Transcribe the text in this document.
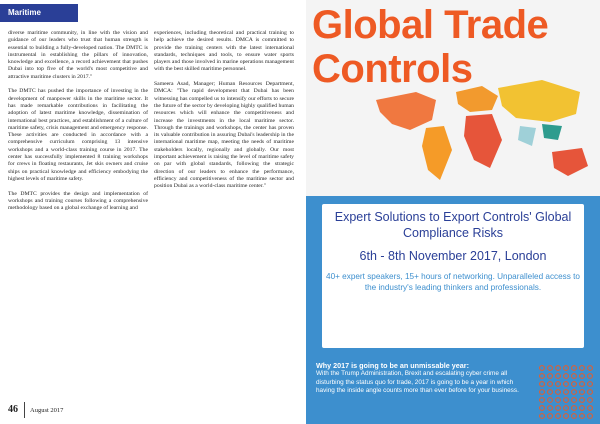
Maritime

diverse maritime community, in line with the vision and guidance of our leaders who trust that human strength is essential to building a fully-developed nation. The DMTC is instrumental in establishing the pillars of innovation, knowledge and excellence, a record achievement that pushes Dubai into top five of the world's most competitive and attractive maritime clusters in 2017."

The DMTC has pushed the importance of investing in the development of manpower skills in the maritime sector. It has made remarkable contributions in facilitating the adoption of latest maritime knowledge, dissemination of international best practices, and establishment of a culture of maritime safety, crisis management and emergency response. These activities are conducted in accordance with a comprehensive curriculum comprising 13 intensive workshops and a world-class training course in 2017. The center has successfully implemented 8 training workshops for crews in floating restaurants, Jet skis owners and cruise ships on practical knowledge and efficiency embodying the highest levels of maritime safety.

The DMTC provides the design and implementation of workshops and training courses following a comprehensive methodology based on a global exchange of learning and

experiences, including theoretical and practical training to help achieve the desired results. DMCA is committed to provide the training centers with the latest international standards, techniques and tools, to ensure water sports players and those involved in marine operations management with the best skilled maritime personnel.

Sameera Asad, Manager; Human Resources Department, DMCA: "The rapid development that Dubai has been witnessing has compelled us to intensify our efforts to secure the future of the sector by developing highly qualified human resources which will enhance the competitiveness and increase the investments in the local maritime sector. Through the trainings and workshops, the center has proven its valuable contribution in assuring Dubai's leadership in the international maritime map, meeting the needs of maritime stakeholders locally, regionally and globally. Our most important achievement is raising the level of maritime safety on par with global standards, following the strategic direction of our leaders to enhance the performance, efficiency and competitiveness of the maritime sector and position Dubai as a world-class maritime center."

46 August 2017
Global Trade Controls
Expert Solutions to Export Controls' Global Compliance Risks
6th - 8th November 2017, London
40+ expert speakers, 15+ hours of networking. Unparalleled access to the industry's leading thinkers and professionals.
Why 2017 is going to be an unmissable year:
With the Trump Administration, Brexit and escalating cyber crime all disturbing the status quo for trade, 2017 is going to be a year in which having the inside angle counts more than ever before for your business.
